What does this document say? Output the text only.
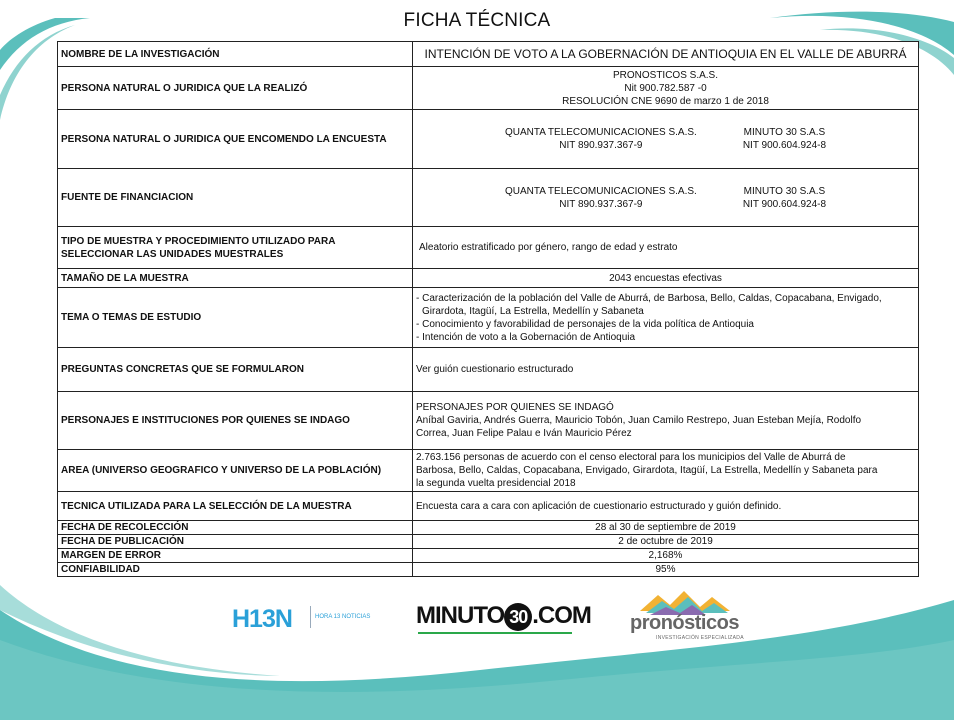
FICHA TÉCNICA
NOMBRE DE LA INVESTIGACIÓN	INTENCIÓN DE VOTO A LA GOBERNACIÓN DE ANTIOQUIA EN EL VALLE DE ABURRÁ
PERSONA NATURAL O JURIDICA QUE LA REALIZÓ	PRONOSTICOS S.A.S.
Nit 900.782.587 -0
RESOLUCIÓN CNE 9690 de marzo 1 de 2018

PERSONA NATURAL O JURIDICA QUE ENCOMENDO LA ENCUESTA	QUANTA TELECOMUNICACIONES S.A.S.
NIT 890.937.367-9
MINUTO 30 S.A.S
NIT 900.604.924-8

FUENTE DE FINANCIACION	QUANTA TELECOMUNICACIONES S.A.S.
NIT 890.937.367-9
MINUTO 30 S.A.S
NIT 900.604.924-8

TIPO DE MUESTRA Y PROCEDIMIENTO UTILIZADO PARA
SELECCIONAR LAS UNIDADES MUESTRALES	Aleatorio estratificado por género, rango de edad y estrato
TAMAÑO DE LA MUESTRA	2043 encuestas efectivas
TEMA O TEMAS DE ESTUDIO	- Caracterización de la población del Valle de Aburrá, de Barbosa, Bello, Caldas, Copacabana, Envigado,
Girardota, Itagüí, La Estrella, Medellín y Sabaneta
- Conocimiento y favorabilidad de personajes de la vida política de Antioquia
- Intención de voto a la Gobernación de Antioquia

PREGUNTAS CONCRETAS QUE SE FORMULARON	Ver guión cuestionario estructurado
PERSONAJES E INSTITUCIONES POR QUIENES SE INDAGO	PERSONAJES POR QUIENES SE INDAGÓ
Aníbal Gaviria, Andrés Guerra, Mauricio Tobón, Juan Camilo Restrepo, Juan Esteban Mejía, Rodolfo
Correa, Juan Felipe Palau e Iván Mauricio Pérez

AREA (UNIVERSO GEOGRAFICO Y UNIVERSO DE LA POBLACIÓN)	2.763.156 personas de acuerdo con el censo electoral para los municipios del Valle de Aburrá de
Barbosa, Bello, Caldas, Copacabana, Envigado, Girardota, Itagüí, La Estrella, Medellín y Sabaneta para
la segunda vuelta presidencial 2018

TECNICA UTILIZADA PARA LA SELECCIÓN DE LA MUESTRA	Encuesta cara a cara con aplicación de cuestionario estructurado y guión definido.
FECHA DE RECOLECCIÓN	28 al 30 de septiembre de 2019
FECHA DE PUBLICACIÓN	2 de octubre de 2019
MARGEN DE ERROR	2,168%
CONFIABILIDAD	95%
H13N	HORA 13 NOTICIAS MINUTO 30 .COM pronósticos
INVESTIGACIÓN ESPECIALIZADA
